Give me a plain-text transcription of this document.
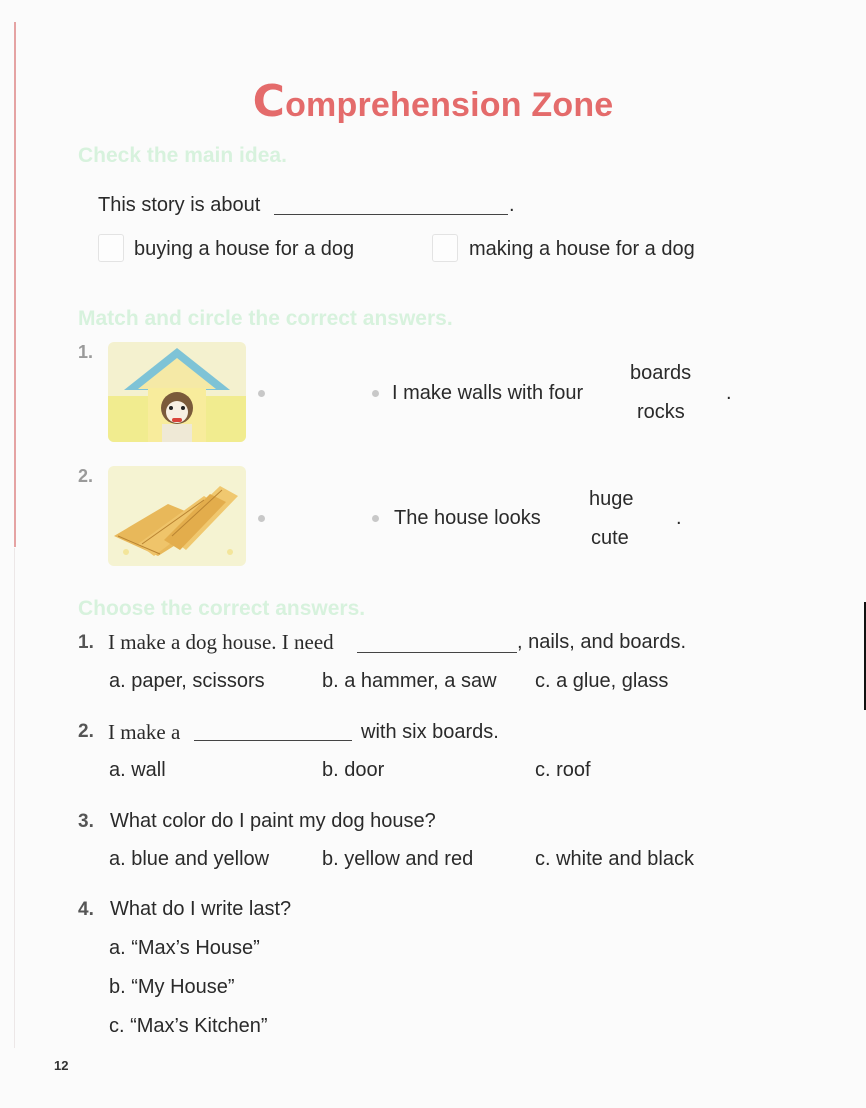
Comprehension Zone
Check the main idea.
This story is about	.
buying a house for a dog	making a house for a dog
Match and circle the correct answers.
1.
I make walls with four
boards
rocks
.
2.
The house looks
huge
cute
.
Choose the correct answers.
1. I make a dog house. I need	, nails, and boards.
a. paper, scissors	b. a hammer, a saw c. a glue, glass
2. I make a	with six boards.
a. wall	b. door	c. roof
3. What color do I paint my dog house?
a. blue and yellow	b. yellow and red	c. white and black
4. What do I write last?
a. “Max’s House”
b. “My House”
c. “Max’s Kitchen”
12
